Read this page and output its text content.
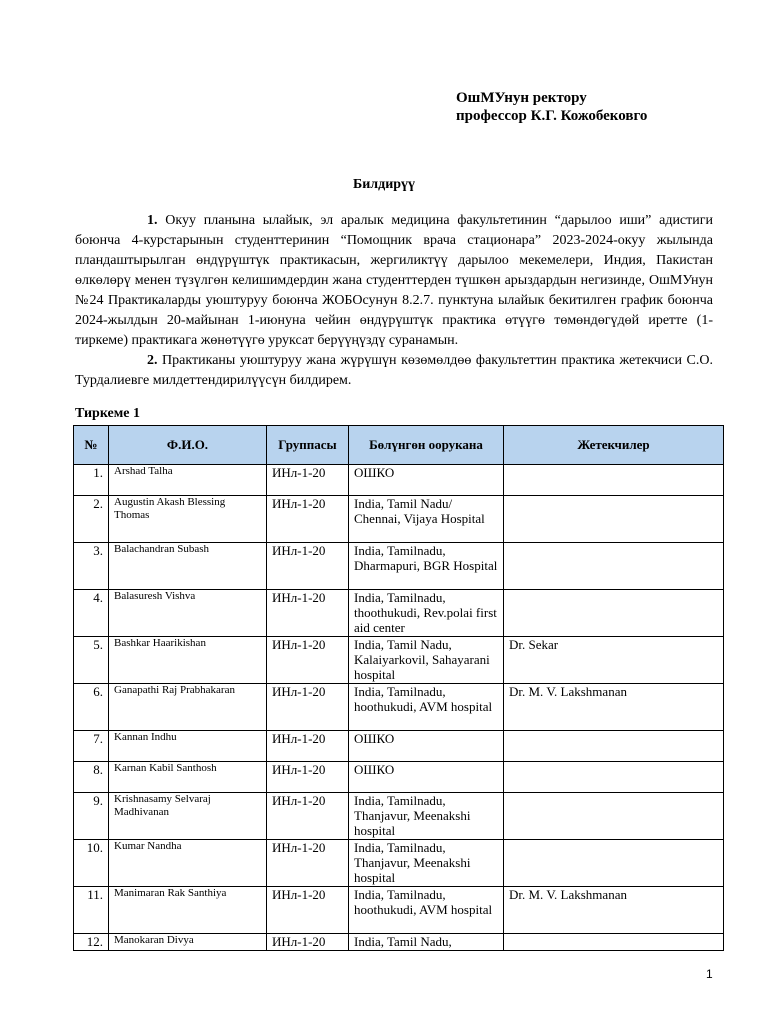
ОшМУнун ректору
профессор К.Г. Кожобековго
Билдирүү

1. Окуу планына ылайык, эл аралык медицина факультетинин “дарылоо иши” адистиги боюнча 4-курстарынын студенттеринин “Помощник врача стационара” 2023-2024-окуу жылында пландаштырылган өндүрүштүк практикасын, жергиликтүү дарылоо мекемелери, Индия, Пакистан өлкөлөрү менен түзүлгөн келишимдердин жана студенттерден түшкөн арыздардын негизинде, ОшМУнун №24 Практикаларды уюштуруу боюнча ЖОБОсунун 8.2.7. пунктуна ылайык бекитилген график боюнча 2024-жылдын 20-майынан 1-июнуна чейин өндүрүштүк практика өтүүгө төмөндөгүдөй иретте (1-тиркеме) практикага жөнөтүүгө уруксат берүүңүздү суранамын.

2. Практиканы уюштуруу жана жүрүшүн көзөмөлдөө факультеттин практика жетекчиси С.О. Турдалиевге милдеттендирилүүсүн билдирем.

Тиркеме 1
№	Ф.И.О.	Группасы	Бөлүнгөн оорукана	Жетекчилер
1.	Arshad Talha	ИНл-1-20	ОШКО	
2.	Augustin Akash Blessing Thomas	ИНл-1-20	India, Tamil Nadu/ Chennai, Vijaya Hospital	
3.	Balachandran Subash	ИНл-1-20	India, Tamilnadu, Dharmapuri, BGR Hospital	
4.	Balasuresh Vishva	ИНл-1-20	India, Tamilnadu, thoothukudi, Rev.polai first aid center	
5.	Bashkar Haarikishan	ИНл-1-20	India, Tamil Nadu, Kalaiyarkovil, Sahayarani hospital	Dr. Sekar
6.	Ganapathi Raj Prabhakaran	ИНл-1-20	India, Tamilnadu, hoothukudi, AVM hospital	Dr. M. V. Lakshmanan
7.	Kannan Indhu	ИНл-1-20	ОШКО	
8.	Karnan Kabil Santhosh	ИНл-1-20	ОШКО	
9.	Krishnasamy Selvaraj Madhivanan	ИНл-1-20	India, Tamilnadu, Thanjavur, Meenakshi hospital	
10.	Kumar Nandha	ИНл-1-20	India, Tamilnadu, Thanjavur, Meenakshi hospital	
11.	Manimaran Rak Santhiya	ИНл-1-20	India, Tamilnadu, hoothukudi, AVM hospital	Dr. M. V. Lakshmanan
12.	Manokaran Divya	ИНл-1-20	India, Tamil Nadu,	
1
